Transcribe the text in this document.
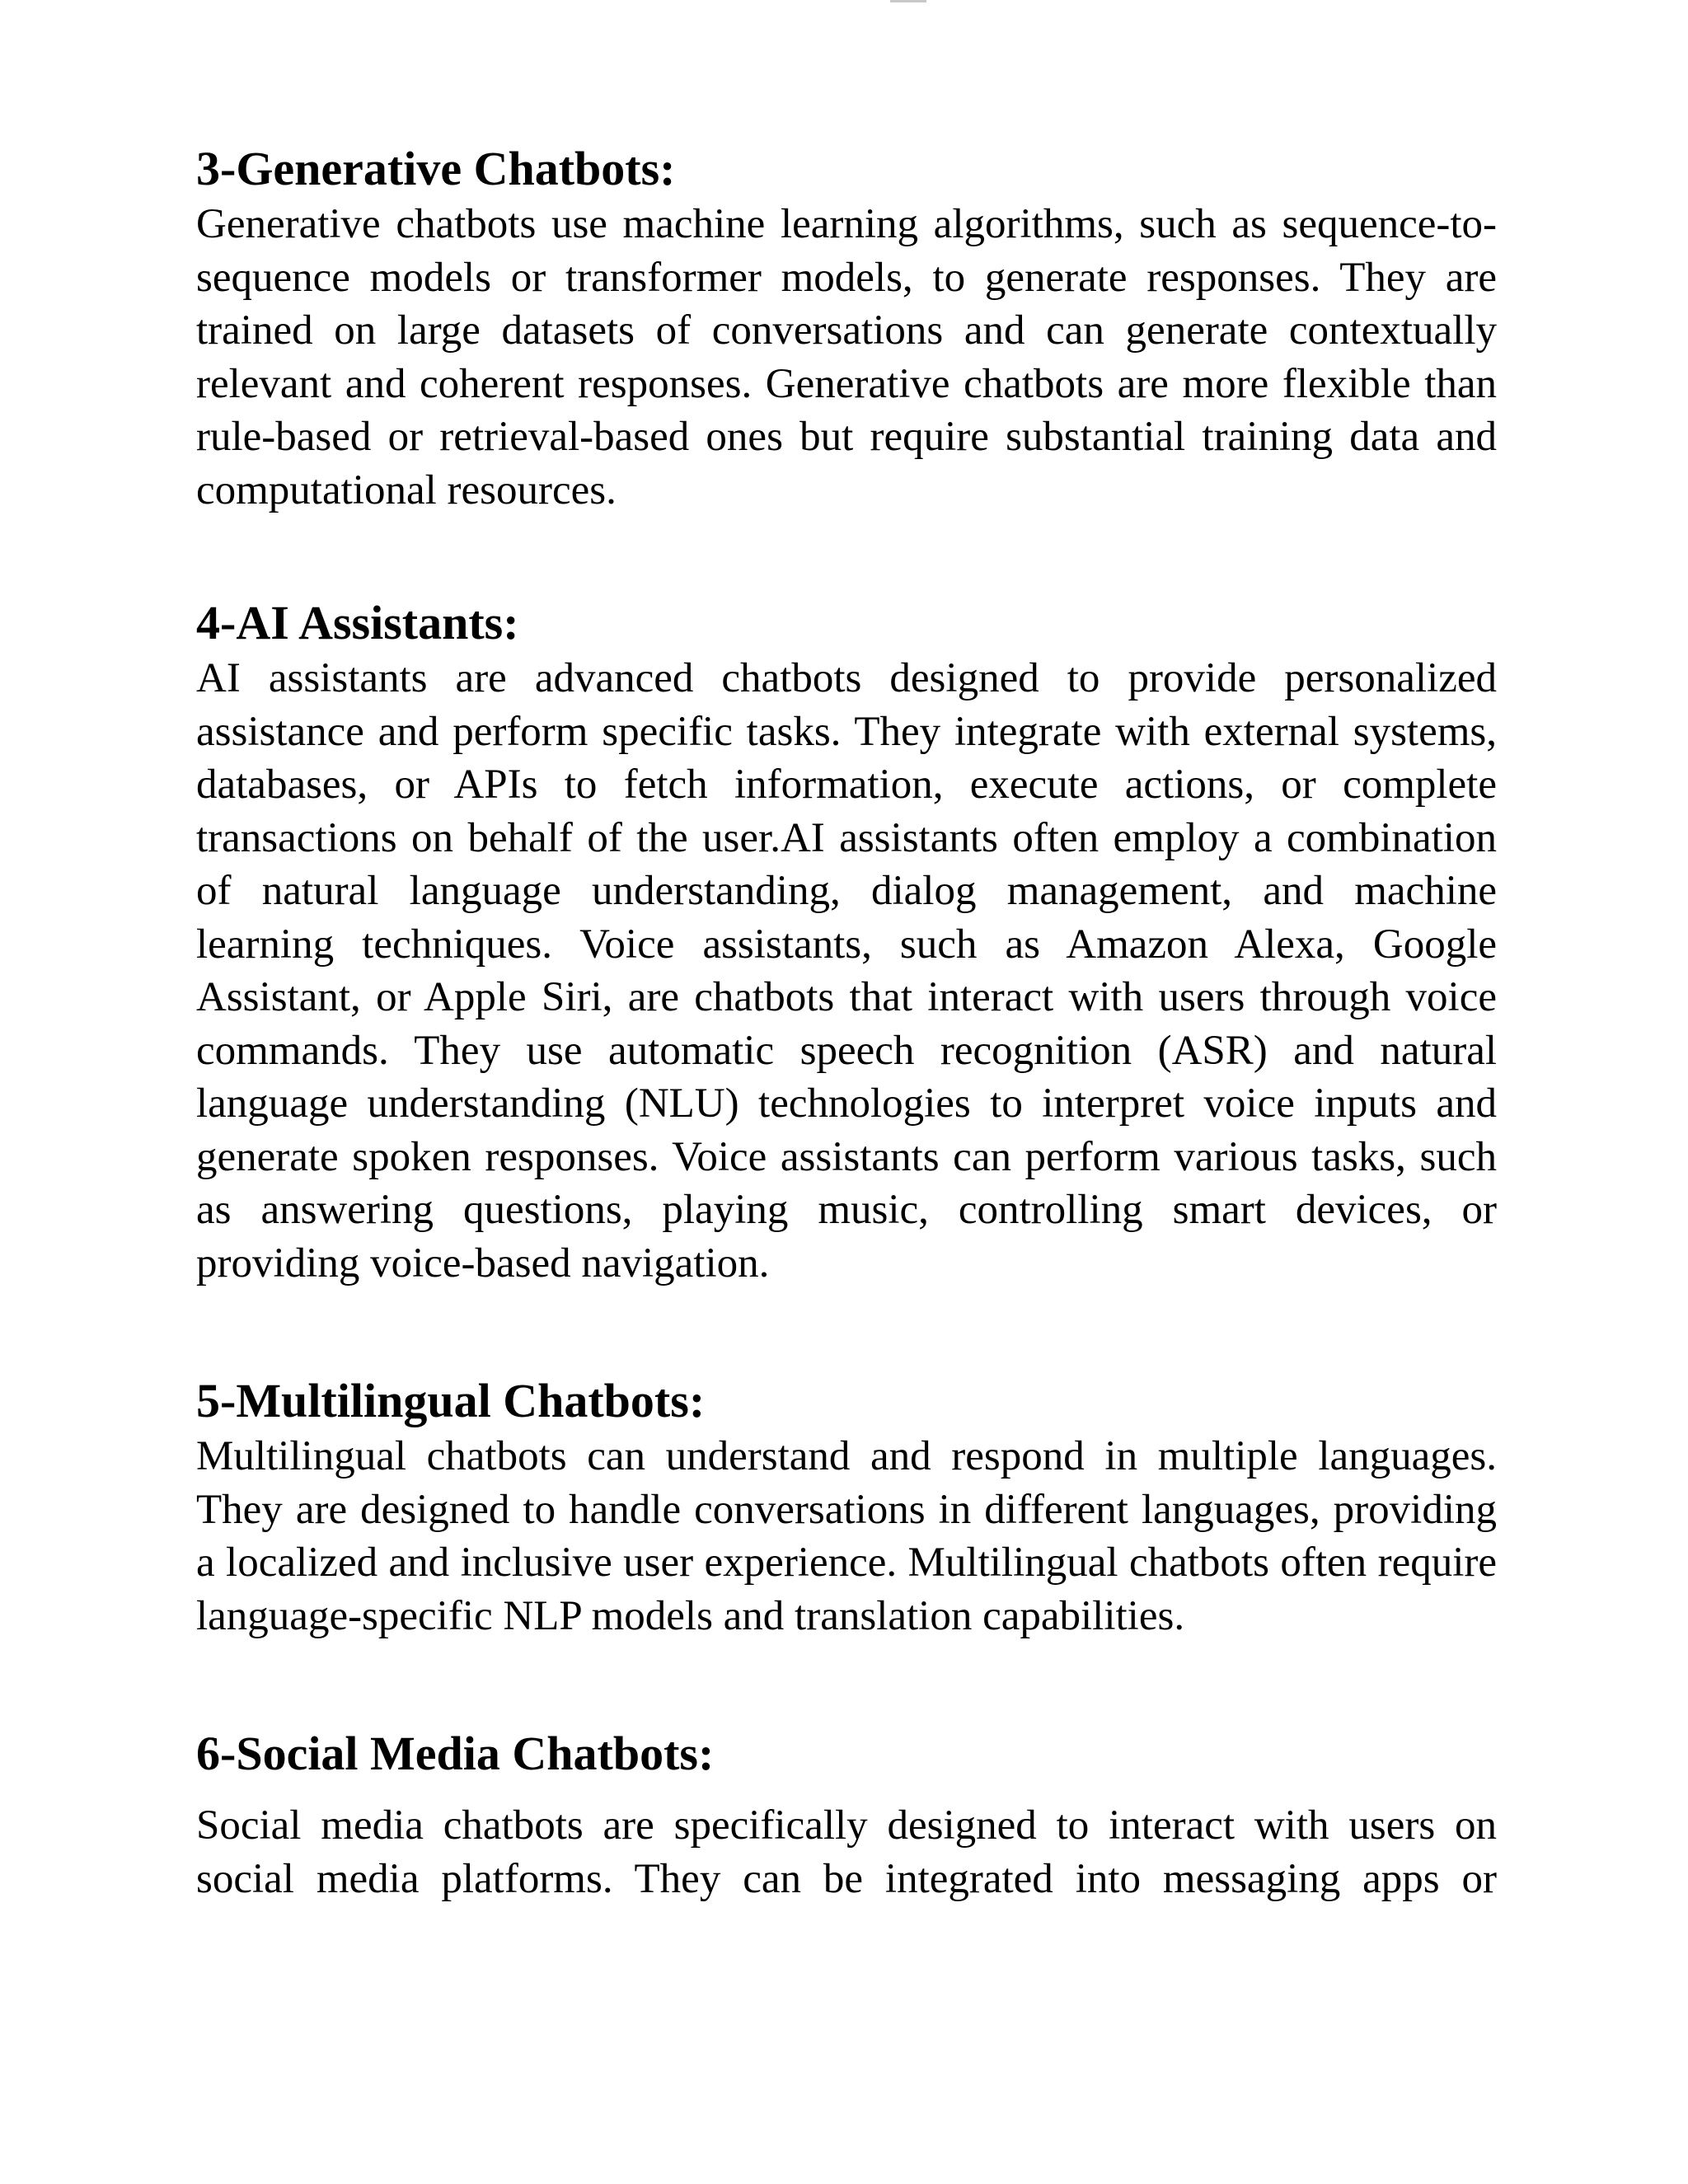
3-Generative Chatbots:

Generative chatbots use machine learning algorithms, such as sequence-to-sequence models or transformer models, to generate responses. They are trained on large datasets of conversations and can generate contextually relevant and coherent responses. Generative chatbots are more flexible than rule-based or retrieval-based ones but require substantial training data and computational resources.

4-AI Assistants:

AI assistants are advanced chatbots designed to provide personalized assistance and perform specific tasks. They integrate with external systems, databases, or APIs to fetch information, execute actions, or complete transactions on behalf of the user.AI assistants often employ a combination of natural language understanding, dialog management, and machine learning techniques. Voice assistants, such as Amazon Alexa, Google Assistant, or Apple Siri, are chatbots that interact with users through voice commands. They use automatic speech recognition (ASR) and natural language understanding (NLU) technologies to interpret voice inputs and generate spoken responses. Voice assistants can perform various tasks, such as answering questions, playing music, controlling smart devices, or providing voice-based navigation.

5-Multilingual Chatbots:

Multilingual chatbots can understand and respond in multiple languages. They are designed to handle conversations in different languages, providing a localized and inclusive user experience. Multilingual chatbots often require language-specific NLP models and translation capabilities.

6-Social Media Chatbots:

Social media chatbots are specifically designed to interact with users on social media platforms. They can be integrated into messaging apps or
